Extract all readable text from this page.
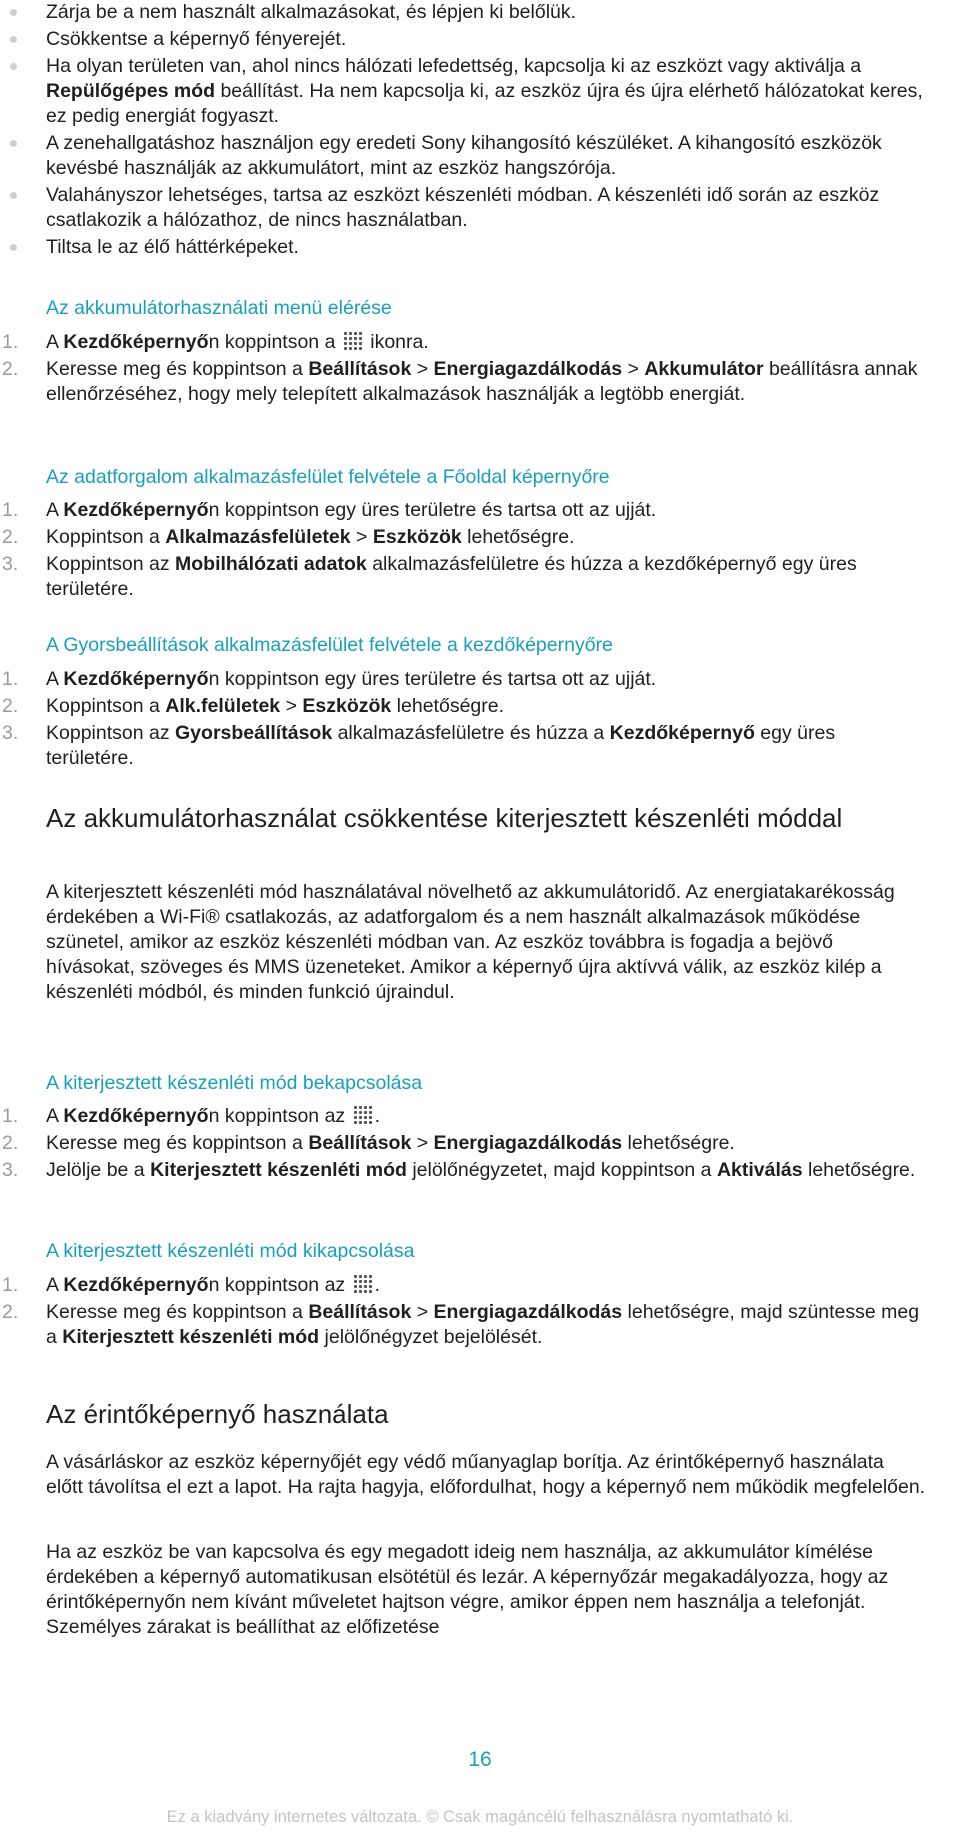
Zárja be a nem használt alkalmazásokat, és lépjen ki belőlük.
Csökkentse a képernyő fényerejét.
Ha olyan területen van, ahol nincs hálózati lefedettség, kapcsolja ki az eszközt vagy aktiválja a Repülőgépes mód beállítást. Ha nem kapcsolja ki, az eszköz újra és újra elérhető hálózatokat keres, ez pedig energiát fogyaszt.
A zenehallgatáshoz használjon egy eredeti Sony kihangosító készüléket. A kihangosító eszközök kevésbé használják az akkumulátort, mint az eszköz hangszórója.
Valahányszor lehetséges, tartsa az eszközt készenléti módban. A készenléti idő során az eszköz csatlakozik a hálózathoz, de nincs használatban.
Tiltsa le az élő háttérképeket.
Az akkumulátorhasználati menü elérése
1. A Kezdőképernyőn koppintson a  ikonra.
2. Keresse meg és koppintson a Beállítások > Energiagazdálkodás > Akkumulátor beállításra annak ellenőrzéséhez, hogy mely telepített alkalmazások használják a legtöbb energiát.
Az adatforgalom alkalmazásfelület felvétele a Főoldal képernyőre
1. A Kezdőképernyőn koppintson egy üres területre és tartsa ott az ujját.
2. Koppintson a Alkalmazásfelületek > Eszközök lehetőségre.
3. Koppintson az Mobilhálózati adatok alkalmazásfelületre és húzza a kezdőképernyő egy üres területére.
A Gyorsbeállítások alkalmazásfelület felvétele a kezdőképernyőre
1. A Kezdőképernyőn koppintson egy üres területre és tartsa ott az ujját.
2. Koppintson a Alk.felületek > Eszközök lehetőségre.
3. Koppintson az Gyorsbeállítások alkalmazásfelületre és húzza a Kezdőképernyő egy üres területére.
Az akkumulátorhasználat csökkentése kiterjesztett készenléti móddal
A kiterjesztett készenléti mód használatával növelhető az akkumulátoridő. Az energiatakarékosság érdekében a Wi-Fi® csatlakozás, az adatforgalom és a nem használt alkalmazások működése szünetel, amikor az eszköz készenléti módban van. Az eszköz továbbra is fogadja a bejövő hívásokat, szöveges és MMS üzeneteket. Amikor a képernyő újra aktívvá válik, az eszköz kilép a készenléti módból, és minden funkció újraindul.
A kiterjesztett készenléti mód bekapcsolása
1. A Kezdőképernyőn koppintson az .
2. Keresse meg és koppintson a Beállítások > Energiagazdálkodás lehetőségre.
3. Jelölje be a Kiterjesztett készenléti mód jelölőnégyzetet, majd koppintson a Aktiválás lehetőségre.
A kiterjesztett készenléti mód kikapcsolása
1. A Kezdőképernyőn koppintson az .
2. Keresse meg és koppintson a Beállítások > Energiagazdálkodás lehetőségre, majd szüntesse meg a Kiterjesztett készenléti mód jelölőnégyzet bejelölését.
Az érintőképernyő használata
A vásárláskor az eszköz képernyőjét egy védő műanyaglap borítja. Az érintőképernyő használata előtt távolítsa el ezt a lapot. Ha rajta hagyja, előfordulhat, hogy a képernyő nem működik megfelelően.
Ha az eszköz be van kapcsolva és egy megadott ideig nem használja, az akkumulátor kímélése érdekében a képernyő automatikusan elsötétül és lezár. A képernyőzár megakadályozza, hogy az érintőképernyőn nem kívánt műveletet hajtson végre, amikor éppen nem használja a telefonját. Személyes zárakat is beállíthat az előfizetése
16
Ez a kiadvány internetes változata. © Csak magáncélú felhasználásra nyomtatható ki.
